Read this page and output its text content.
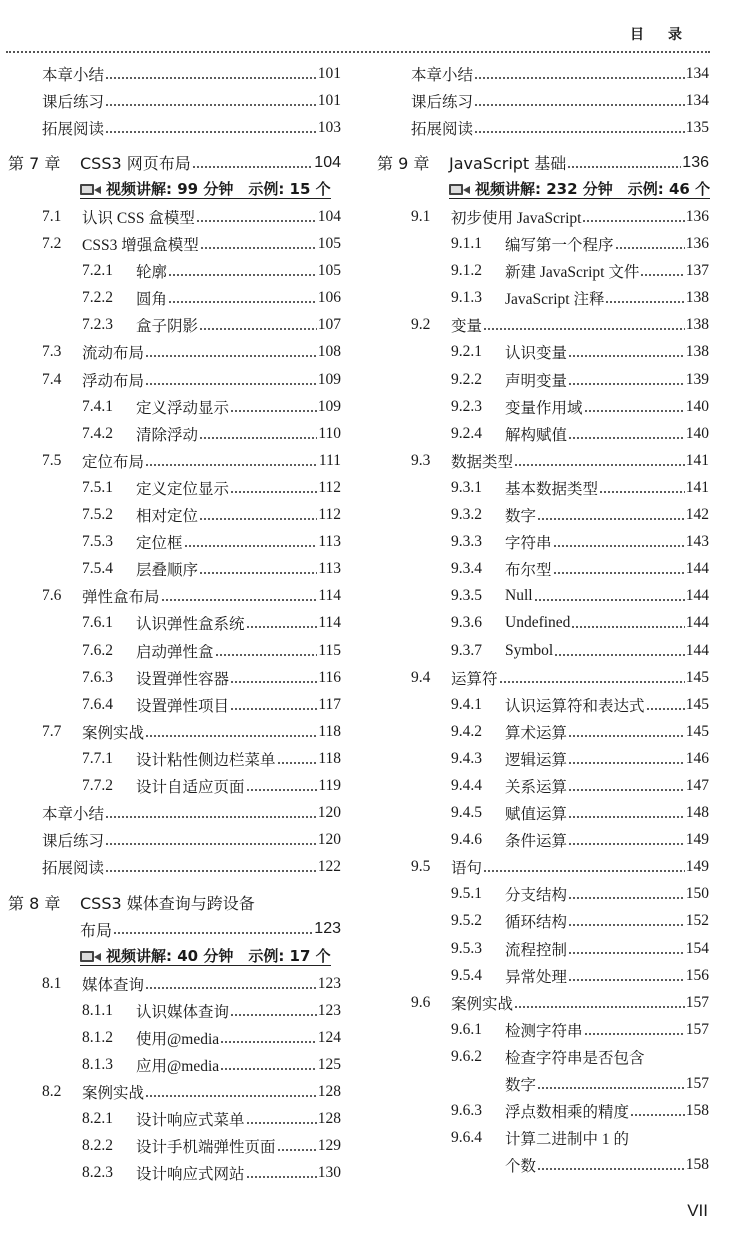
目录
本章小结	101
课后练习	101
拓展阅读	103
第 7 章	CSS3 网页布局	104
视频讲解: 99 分钟　示例: 15 个
7.1	认识 CSS 盒模型	104
7.2	CSS3 增强盒模型	105
7.2.1	轮廓	105
7.2.2	圆角	106
7.2.3	盒子阴影	107
7.3	流动布局	108
7.4	浮动布局	109
7.4.1	定义浮动显示	109
7.4.2	清除浮动	110
7.5	定位布局	111
7.5.1	定义定位显示	112
7.5.2	相对定位	112
7.5.3	定位框	113
7.5.4	层叠顺序	113
7.6	弹性盒布局	114
7.6.1	认识弹性盒系统	114
7.6.2	启动弹性盒	115
7.6.3	设置弹性容器	116
7.6.4	设置弹性项目	117
7.7	案例实战	118
7.7.1	设计粘性侧边栏菜单	118
7.7.2	设计自适应页面	119
本章小结	120
课后练习	120
拓展阅读	122
第 8 章	CSS3 媒体查询与跨设备
布局	123
视频讲解: 40 分钟　示例: 17 个
8.1	媒体查询	123
8.1.1	认识媒体查询	123
8.1.2	使用@media	124
8.1.3	应用@media	125
8.2	案例实战	128
8.2.1	设计响应式菜单	128
8.2.2	设计手机端弹性页面	129
8.2.3	设计响应式网站	130
本章小结	134
课后练习	134
拓展阅读	135
第 9 章	JavaScript 基础	136
视频讲解: 232 分钟　示例: 46 个
9.1	初步使用 JavaScript	136
9.1.1	编写第一个程序	136
9.1.2	新建 JavaScript 文件	137
9.1.3	JavaScript 注释	138
9.2	变量	138
9.2.1	认识变量	138
9.2.2	声明变量	139
9.2.3	变量作用域	140
9.2.4	解构赋值	140
9.3	数据类型	141
9.3.1	基本数据类型	141
9.3.2	数字	142
9.3.3	字符串	143
9.3.4	布尔型	144
9.3.5	Null	144
9.3.6	Undefined	144
9.3.7	Symbol	144
9.4	运算符	145
9.4.1	认识运算符和表达式	145
9.4.2	算术运算	145
9.4.3	逻辑运算	146
9.4.4	关系运算	147
9.4.5	赋值运算	148
9.4.6	条件运算	149
9.5	语句	149
9.5.1	分支结构	150
9.5.2	循环结构	152
9.5.3	流程控制	154
9.5.4	异常处理	156
9.6	案例实战	157
9.6.1	检测字符串	157
9.6.2	检查字符串是否包含
数字	157
9.6.3	浮点数相乘的精度	158
9.6.4	计算二进制中 1 的
个数	158
VII
